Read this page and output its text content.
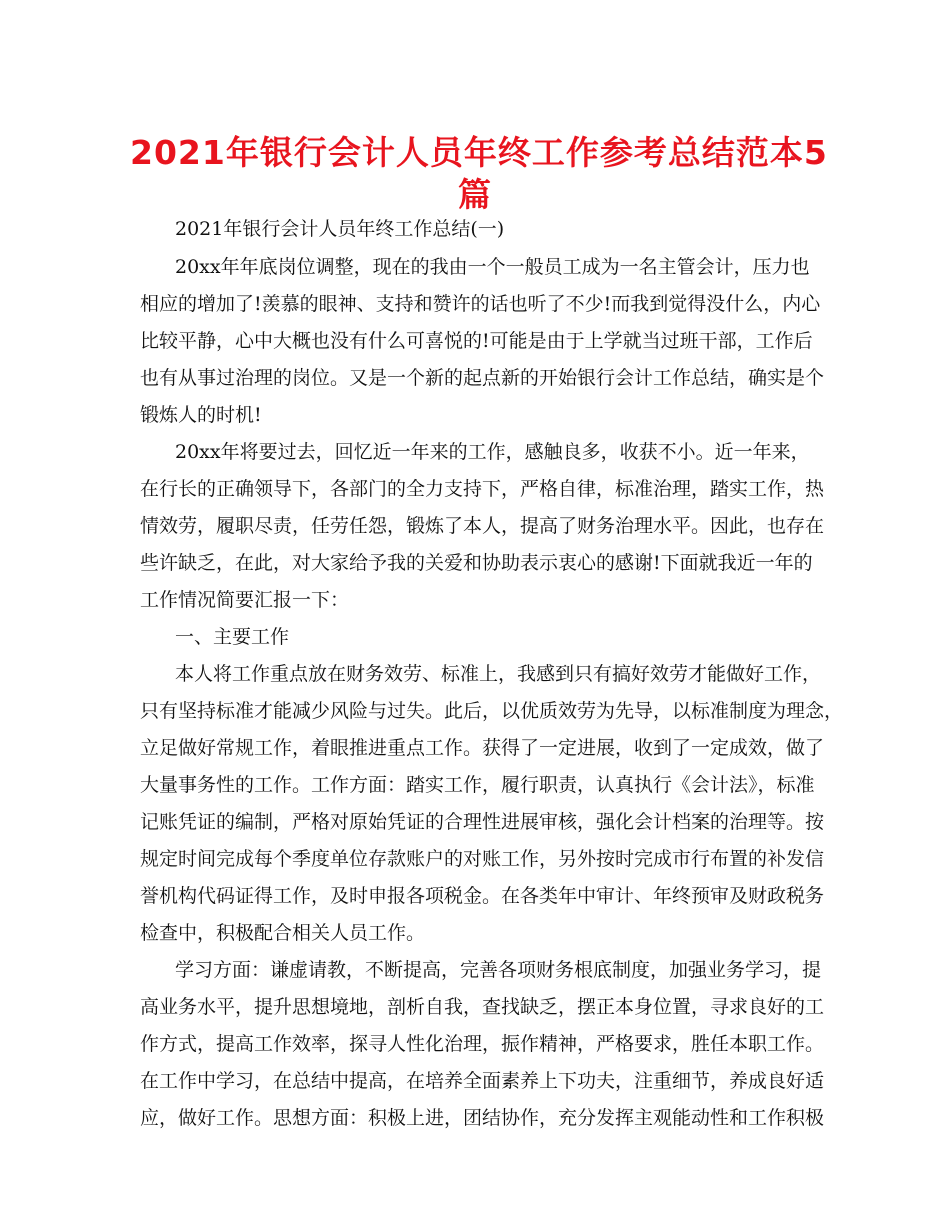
2021年银行会计人员年终工作参考总结范本5
篇
2021年银行会计人员年终工作总结(一)
20xx年年底岗位调整，现在的我由一个一般员工成为一名主管会计，压力也
相应的增加了!羡慕的眼神、支持和赞许的话也听了不少!而我到觉得没什么，内心
比较平静，心中大概也没有什么可喜悦的!可能是由于上学就当过班干部，工作后
也有从事过治理的岗位。又是一个新的起点新的开始银行会计工作总结，确实是个
锻炼人的时机!
20xx年将要过去，回忆近一年来的工作，感触良多，收获不小。近一年来，
在行长的正确领导下，各部门的全力支持下，严格自律，标准治理，踏实工作，热
情效劳，履职尽责，任劳任怨，锻炼了本人，提高了财务治理水平。因此，也存在
些许缺乏，在此，对大家给予我的关爱和协助表示衷心的感谢!下面就我近一年的
工作情况简要汇报一下：
一、主要工作
本人将工作重点放在财务效劳、标准上，我感到只有搞好效劳才能做好工作，
只有坚持标准才能减少风险与过失。此后，以优质效劳为先导，以标准制度为理念，
立足做好常规工作，着眼推进重点工作。获得了一定进展，收到了一定成效，做了
大量事务性的工作。工作方面：踏实工作，履行职责，认真执行《会计法》，标准
记账凭证的编制，严格对原始凭证的合理性进展审核，强化会计档案的治理等。按
规定时间完成每个季度单位存款账户的对账工作，另外按时完成市行布置的补发信
誉机构代码证得工作，及时申报各项税金。在各类年中审计、年终预审及财政税务
检查中，积极配合相关人员工作。
学习方面：谦虚请教，不断提高，完善各项财务根底制度，加强业务学习，提
高业务水平，提升思想境地，剖析自我，查找缺乏，摆正本身位置，寻求良好的工
作方式，提高工作效率，探寻人性化治理，振作精神，严格要求，胜任本职工作。
在工作中学习，在总结中提高，在培养全面素养上下功夫，注重细节，养成良好适
应，做好工作。思想方面：积极上进，团结协作，充分发挥主观能动性和工作积极
